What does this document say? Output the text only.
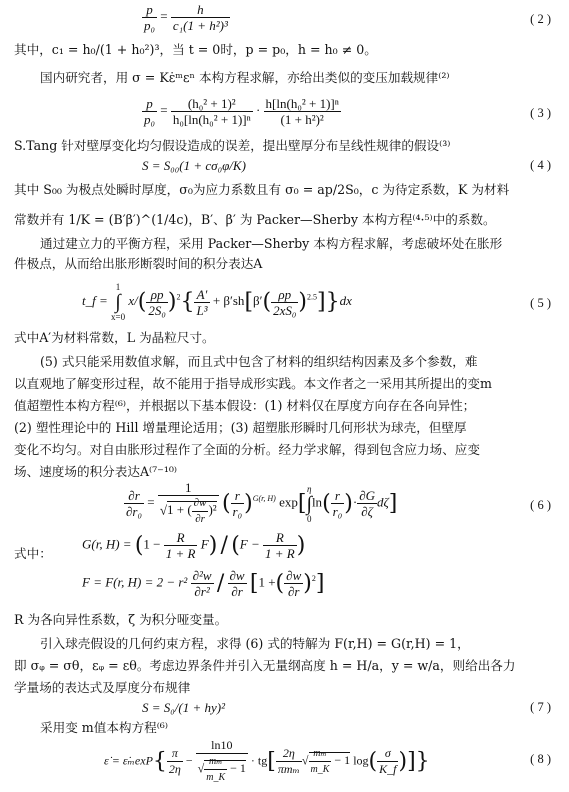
$\frac{p}{\text{p₀}} = \frac{h}{\text{c₁(1 + h²)³}}$	( 2 )
其中，c₁ = h₀/(1 + h₀²)³，当 t = 0时，p = p₀，h = h₀ ≠ 0。
国内研究者，用 σ = Kε̇ᵐεⁿ 本构方程求解，亦给出类似的变压加载规律⁽²⁾
$\frac{p}{\text{p₀}} = \frac{\text{(h₀² + 1)²}}{\text{h₀[ln(h₀² + 1)]ⁿ}} \cdot \frac{\text{h[ln(h₀² + 1)]ⁿ}}{\text{(1 + h²)²}}$	( 3 )
S.Tang 针对壁厚变化均匀假设造成的误差，提出壁厚分布呈线性规律的假设⁽³⁾
S = S₀₀(1 + cσ₀φ/K)	( 4 )
其中 S₀₀ 为极点处瞬时厚度，σ₀为应力系数且有 σ₀ = ap/2S₀，c 为待定系数，K 为材料
常数并有 1/K = (B′β′)^(1/4c)，B′、β′ 为 Packer—Sherby 本构方程⁽⁴·⁵⁾中的系数。
通过建立力的平衡方程，采用 Packer—Sherby 本构方程求解，考虑破坏处在胀形
件极点，从而给出胀形断裂时间的积分表达A
t_f =
1
∫
x=0
$x/( \frac{\rho p}{\text{2S₀}} )^2\{ \frac{A'}{\text{L³}} + \beta'sh[\beta'( \frac{\rho p}{\text{2xS₀}} )^{2.5}]\}dx$	( 5 )
式中A′为材料常数，L 为晶粒尺寸。
(5) 式只能采用数值求解，而且式中包含了材料的组织结构因素及多个参数，难
以直观地了解变形过程，故不能用于指导成形实践。本文作者之一采用其所提出的变m
值超塑性本构方程⁽⁶⁾，并根据以下基本假设：(1) 材料仅在厚度方向存在各向异性；
(2) 塑性理论中的 Hill 增量理论适用；(3) 超塑胀形瞬时几何形状为球壳，但壁厚
变化不均匀。对自由胀形过程作了全面的分析。经力学求解，得到包含应力场、应变
场、速度场的积分表达A⁽⁷⁻¹⁰⁾
$\frac{\partial r}{\text{∂r₀}} = \frac{1}{√1 + ( \frac{\partial w}{\partial r} )^2}$ ( $\frac{r}{\text{r₀}} )^{G(r, H)}$ exp[
η
∫
0
$\ln( \frac{r}{\text{r₀}}$ )· $\frac{\partial G}{\partial\zeta} d\zeta$]	( 6 )
式中：
G(r, $H) = (1 - \frac{R}{1 + R} F) / (F - \frac{R}{1 + R}$ )
F = F(r, $H) = 2 - r^2 \frac{\text{∂²w}}{\text{∂r²}} / \frac{\partial w}{\partial r} [1$ +( $\frac{\partial w}{\partial r} )^2$]
R 为各向异性系数，ζ 为积分哑变量。
引入球壳假设的几何约束方程，求得 (6) 式的特解为 F(r,H) = G(r,H) = 1，
即 σᵩ = σθ，εᵩ = εθ。考虑边界条件并引入无量纲高度 h = H/a，y = w/a，则给出各力
学量场的表达式及厚度分布规律
S = S₀/(1 + hy)²	( 7 )
采用变 m值本构方程⁽⁶⁾
ε̇ = ε̇ₘexP{ $\frac{\pi}{2\eta} - \frac{\ln 10}{√ \frac{\text{mₘ}}{m\_K} - 1} \cdot tg[ \frac{2\eta}{\text{πmₘ}}$ √ $\frac{\text{mₘ}}{m\_K} - 1$ $\log( \frac{\sigma}{K\_f}$ )]}	( 8 )
